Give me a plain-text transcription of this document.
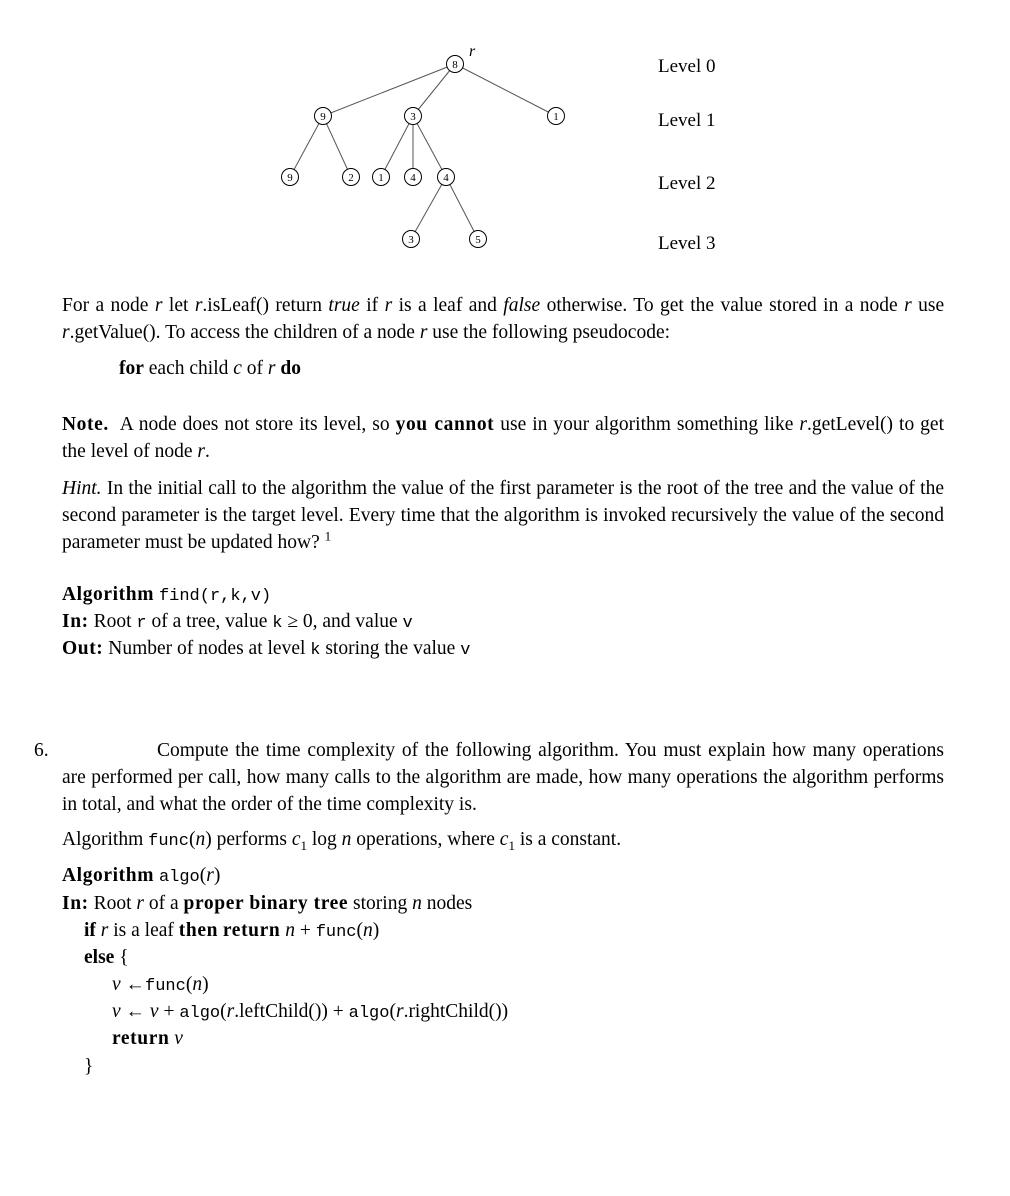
8
r
9	3	1
9	2 1 4	4
3	5
Level 0
Level 1
Level 2
Level 3
For a node r let r.isLeaf() return true if r is a leaf and false otherwise. To get the value stored in a node r use r.getValue(). To access the children of a node r use the following pseudocode:
for each child c of r do
Note. A node does not store its level, so you cannot use in your algorithm something like r.getLevel() to get the level of node r.
Hint. In the initial call to the algorithm the value of the first parameter is the root of the tree and the value of the second parameter is the target level. Every time that the algorithm is invoked recursively the value of the second parameter must be updated how? $^1$
Algorithm find(r,k,v)
In: Root r of a tree, value k ≥ 0, and value v
Out: Number of nodes at level k storing the value v
6.	Compute the time complexity of the following algorithm. You must explain how many operations are performed per call, how many calls to the algorithm are made, how many operations the algorithm performs in total, and what the order of the time complexity is.
Algorithm func(n) performs $c_1$ log n operations, where $c_1$ is a constant.
Algorithm algo(r)
In: Root r of a proper binary tree storing n nodes
if r is a leaf then return n + func(n)
else {
v ←func(n)
v ← v + algo(r.leftChild()) + algo(r.rightChild())
return v
}
